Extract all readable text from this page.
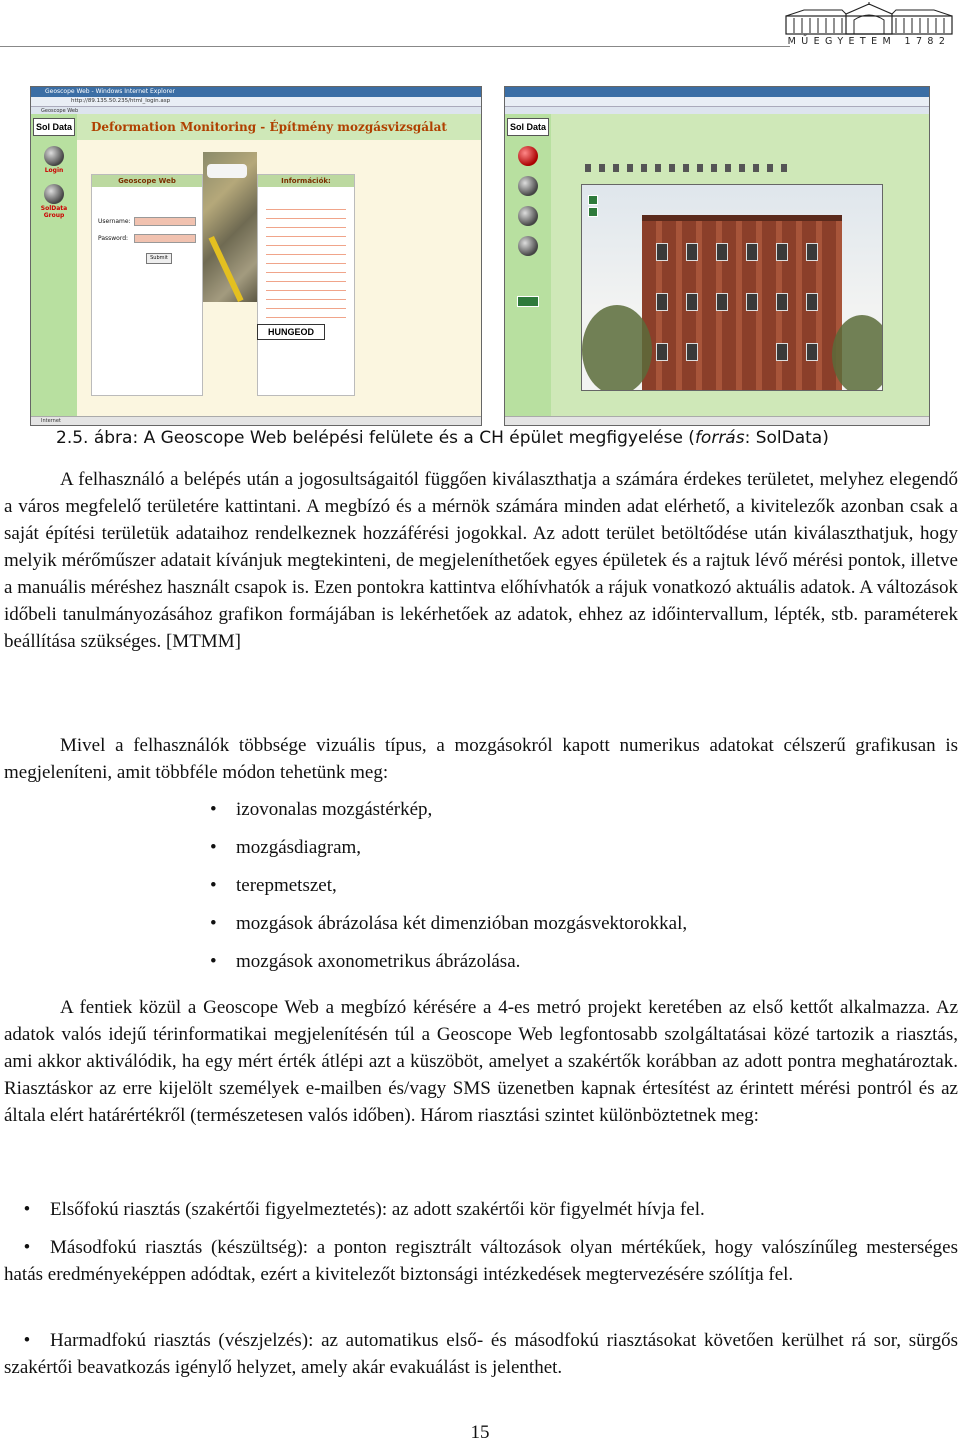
MŰEGYETEM 1782
Geoscope Web - Windows Internet Explorer
http://89.135.50.235/html_login.asp
Geoscope Web
Sol Data
Login
SolData Group
Deformation Monitoring - Építmény mozgásvizsgálat
Geoscope Web
Username:
Password:
Submit
Információk:
HUNGEOD
Internet
Sol Data
2.5. ábra: A Geoscope Web belépési felülete és a CH épület megfigyelése (forrás: SolData)

A felhasználó a belépés után a jogosultságaitól függően kiválaszthatja a számára érdekes területet, melyhez elegendő a város megfelelő területére kattintani. A megbízó és a mérnök számára minden adat elérhető, a kivitelezők azonban csak a saját építési területük adataihoz rendelkeznek hozzáférési jogokkal. Az adott terület betöltődése után kiválaszthatjuk, hogy melyik mérőműszer adatait kívánjuk megtekinteni, de megjeleníthetőek egyes épületek és a rajtuk lévő mérési pontok, illetve a manuális méréshez használt csapok is. Ezen pontokra kattintva előhívhatók a rájuk vonatkozó aktuális adatok. A változások időbeli tanulmányozásához grafikon formájában is lekérhetőek az adatok, ehhez az időintervallum, lépték, stb. paraméterek beállítása szükséges. [MTMM]

Mivel a felhasználók többsége vizuális típus, a mozgásokról kapott numerikus adatokat célszerű grafikusan is megjeleníteni, amit többféle módon tehetünk meg:

• izovonalas mozgástérkép,
• mozgásdiagram,
• terepmetszet,
• mozgások ábrázolása két dimenzióban mozgásvektorokkal,
• mozgások axonometrikus ábrázolása.

A fentiek közül a Geoscope Web a megbízó kérésére a 4-es metró projekt keretében az első kettőt alkalmazza. Az adatok valós idejű térinformatikai megjelenítésén túl a Geoscope Web legfontosabb szolgáltatásai közé tartozik a riasztás, ami akkor aktiválódik, ha egy mért érték átlépi azt a küszöböt, amelyet a szakértők korábban az adott pontra meghatároztak. Riasztáskor az erre kijelölt személyek e-mailben és/vagy SMS üzenetben kapnak értesítést az érintett mérési pontról és az általa elért határértékről (természetesen valós időben). Három riasztási szintet különböztetnek meg:

• Elsőfokú riasztás (szakértői figyelmeztetés): az adott szakértői kör figyelmét hívja fel.

• Másodfokú riasztás (készültség): a ponton regisztrált változások olyan mértékűek, hogy valószínűleg mesterséges hatás eredményeképpen adódtak, ezért a kivitelezőt biztonsági intézkedések megtervezésére szólítja fel.

• Harmadfokú riasztás (vészjelzés): az automatikus első- és másodfokú riasztásokat követően kerülhet rá sor, sürgős szakértői beavatkozás igénylő helyzet, amely akár evakuálást is jelenthet.

15
